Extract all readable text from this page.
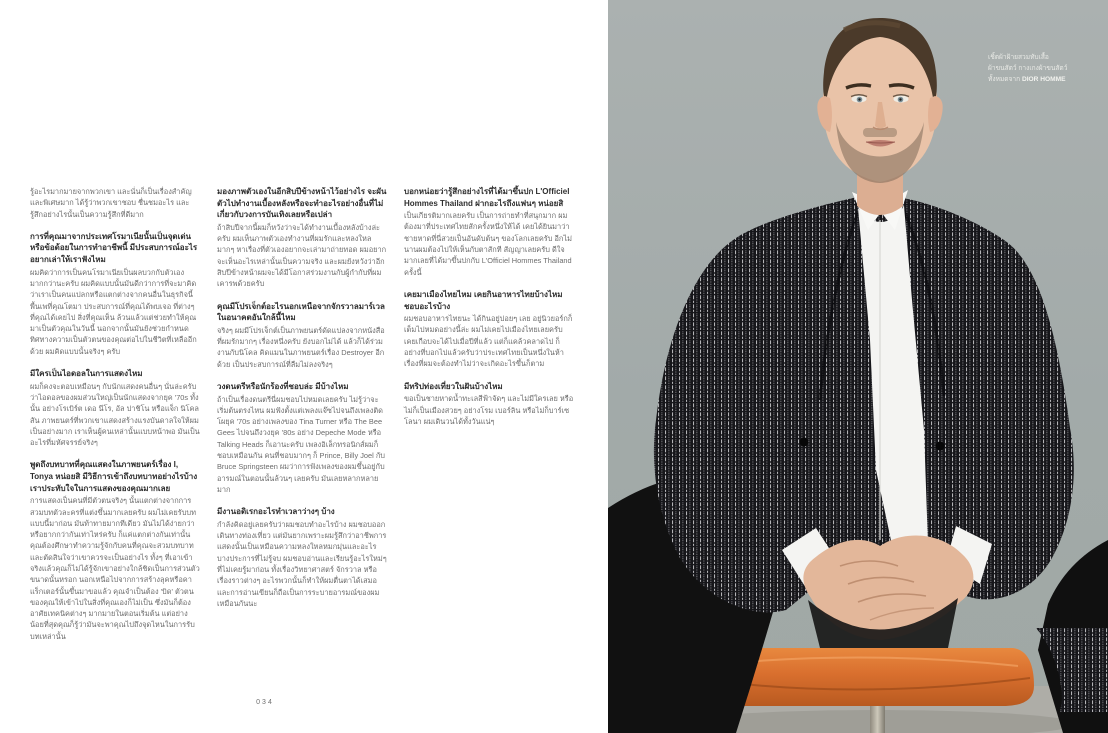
รู้อะไรมากมายจากพวกเขา และนั่นก็เป็นเรื่องสำคัญและพิเศษมาก ได้รู้ว่าพวกเขาชอบ ชื่นชมอะไร และรู้สึกอย่างไรนั้นเป็นความรู้สึกที่ดีมาก

การที่คุณมาจากประเทศโรมาเนียนั้นเป็นจุดเด่นหรือข้อด้อยในการทำอาชีพนี้ มีประสบการณ์อะไรอยากเล่าให้เราฟังไหม
ผมคิดว่าการเป็นคนโรมาเนียเป็นผลบวกกับตัวเองมากกว่านะครับ ผมคิดแบบนั้นมันดีกว่าการที่จะมาคิดว่าเราเป็นคนแปลกหรือแตกต่างจากคนอื่นในธุรกิจนี้ พื้นเพที่คุณโตมา ประสบการณ์ที่คุณได้พบเจอ ที่ต่างๆ ที่คุณได้เคยไป สิ่งที่คุณเห็น ล้วนแล้วแต่ช่วยทำให้คุณมาเป็นตัวคุณในวันนี้ นอกจากนั้นมันยังช่วยกำหนดทิศทางความเป็นตัวตนของคุณต่อไปในชีวิตที่เหลืออีกด้วย ผมคิดแบบนั้นจริงๆ ครับ
มีใครเป็นไอดอลในการแสดงไหม
ผมก็คงจะตอบเหมือนๆ กับนักแสดงคนอื่นๆ นั่นล่ะครับว่าไอดอลของผมส่วนใหญ่เป็นนักแสดงจากยุค '70s ทั้งนั้น อย่างโรเบิร์ต เดอ นีโร, อัล ปาชิโน หรือแจ็ก นิโคลสัน ภาพยนตร์ที่พวกเขาแสดงสร้างแรงบันดาลใจให้ผมเป็นอย่างมาก เราเห็นผู้คนเหล่านั้นแบบหน้าพอ มันเป็นอะไรที่มหัศจรรย์จริงๆ
พูดถึงบทบาทที่คุณแสดงในภาพยนตร์เรื่อง I, Tonya หน่อยสิ มีวิธีการเข้าถึงบทบาทอย่างไรบ้าง เราประทับใจในการแสดงของคุณมากเลย
การแสดงเป็นคนที่มีตัวตนจริงๆ นั้นแตกต่างจากการสวมบทตัวละครที่แต่งขึ้นมากเลยครับ ผมไม่เคยรับบทแบบนี้มาก่อน มันท้าทายมากทีเดียว มันไม่ได้ง่ายกว่าหรือยากกว่ากันเท่าไหร่ครับ ก็แค่แตกต่างกันเท่านั้น คุณต้องศึกษาทำความรู้จักกับคนที่คุณจะสวมบทบาท และตัดสินใจว่าเขาควรจะเป็นอย่างไร ทั้งๆ ที่เอาเข้าจริงแล้วคุณก็ไม่ได้รู้จักเขาอย่างใกล้ชิดเป็นการส่วนตัวขนาดนั้นหรอก นอกเหนือไปจากการสร้างลุคหรือคาแร็กเตอร์นั้นขึ้นมาขอแล้ว คุณจำเป็นต้อง 'บิด' ตัวตนของคุณให้เข้าไปในสิ่งที่คุณเองก็ไม่เป็น ซึ่งมันก็ต้องอาศัยเทคนิคต่างๆ มากมายในตอนเริ่มต้น แต่อย่างน้อยที่สุดคุณก็รู้ว่ามันจะพาคุณไปถึงจุดไหนในการรับบทเหล่านั้น
มองภาพตัวเองในอีกสิบปีข้างหน้าไว้อย่างไร จะผันตัวไปทำงานเบื้องหลังหรือจะทำอะไรอย่างอื่นที่ไม่เกี่ยวกับวงการบันเทิงเลยหรือเปล่า
ถ้าสิบปีจากนี้ผมก็หวังว่าจะได้ทำงานเบื้องหลังบ้างล่ะครับ ผมเห็นภาพตัวเองทำงานที่ผมรักและหลงใหลมากๆ หาเรื่องที่ตัวเองอยากจะเล่ามาถ่ายทอด ผมอยากจะเห็นอะไรเหล่านั้นเป็นความจริง และผมยังหวังว่าอีกสิบปีข้างหน้าผมจะได้มีโอกาสร่วมงานกับผู้กำกับที่ผมเคารพด้วยครับ
คุณมีโปรเจ็กต์อะไรนอกเหนือจากจักรวาลมาร์เวลในอนาคตอันใกล้นี้ไหม
จริงๆ ผมมีโปรเจ็กต์เป็นภาพยนตร์ดัดแปลงจากหนังสือที่ผมรักมากๆ เรื่องหนึ่งครับ ยังบอกไม่ได้ แล้วก็ได้ร่วมงานกับนิโคล คิดแมนในภาพยนตร์เรื่อง Destroyer อีกด้วย เป็นประสบการณ์ที่ลืมไม่ลงจริงๆ
วงดนตรีหรือนักร้องที่ชอบล่ะ มีบ้างไหม
ถ้าเป็นเรื่องดนตรีนี่ผมชอบไปหมดเลยครับ ไม่รู้ว่าจะเริ่มต้นตรงไหน ผมฟังตั้งแต่เพลงแจ๊ซไปจนถึงเพลงติดโผยุค '70s อย่างเพลงของ Tina Turner หรือ The Bee Gees ไปจนถึงวงยุค '80s อย่าง Depeche Mode หรือ Talking Heads ก็เอานะครับ เพลงอิเล็กทรอนิกส์ผมก็ชอบเหมือนกัน คนที่ชอบมากๆ ก็ Prince, Billy Joel กับ Bruce Springsteen ผมว่าการฟังเพลงของผมขึ้นอยู่กับอารมณ์ในตอนนั้นล้วนๆ เลยครับ มันเลยหลากหลายมาก
มีงานอดิเรกอะไรทำเวลาว่างๆ บ้าง
กำลังคิดอยู่เลยครับว่าผมชอบทำอะไรบ้าง ผมชอบออกเดินทางท่องเที่ยว แต่มันยากเพราะผมรู้สึกว่าอาชีพการแสดงนั้นเป็นเหมือนความหลงใหลหมกมุ่นและอะไรบางประการที่ไม่รู้จบ ผมชอบอ่านและเรียนรู้อะไรใหม่ๆ ที่ไม่เคยรู้มาก่อน ทั้งเรื่องวิทยาศาสตร์ จักรวาล หรือเรื่องราวต่างๆ อะไรพวกนั้นก็ทำให้ผมตื่นตาได้เสมอ และการอ่านเขียนก็ถือเป็นการระบายอารมณ์ของผมเหมือนกันนะ
บอกหน่อยว่ารู้สึกอย่างไรที่ได้มาขึ้นปก L'Officiel Hommes Thailand ฝากอะไรถึงแฟนๆ หน่อยสิ
เป็นเกียรติมากเลยครับ เป็นการถ่ายทำที่สนุกมาก ผมต้องมาที่ประเทศไทยสักครั้งหนึ่งให้ได้ เคยได้ยินมาว่าชายหาดที่นี่สวยเป็นอันดับต้นๆ ของโลกเลยครับ อีกไม่นานผมต้องไปให้เห็นกับตาสักที สัญญาเลยครับ ดีใจมากเลยที่ได้มาขึ้นปกกับ L'Officiel Hommes Thailand ครั้งนี้
เคยมาเมืองไทยไหม เคยกินอาหารไทยบ้างไหม ชอบอะไรบ้าง
ผมชอบอาหารไทยนะ ได้กินอยู่บ่อยๆ เลย อยู่นิวยอร์กก็เต็มไปหมดอย่างนี้ล่ะ ผมไม่เคยไปเมืองไทยเลยครับ เคยเกือบจะได้ไปเมื่อปีที่แล้ว แต่ก็แคล้วคลาดไป ก็อย่างที่บอกไปแล้วครับว่าประเทศไทยเป็นหนึ่งในห้าเรื่องที่ผมจะต้องทำไม่ว่าจะเกิดอะไรขึ้นก็ตาม
มีทริปท่องเที่ยวในฝันบ้างไหม
ขอเป็นชายหาดน้ำทะเลสีฟ้าจัดๆ และไม่มีใครเลย หรือไม่ก็เป็นเมืองสวยๆ อย่างโรม เบอร์ลิน หรือไม่ก็บาร์เซโลนา ผมเดินวนได้ทั้งวันแน่ๆ
034
เชิ้ตผ้าฝ้ายสวมทับเสื้อ
ผ้าขนสัตว์ กางเกงผ้าขนสัตว์
ทั้งหมดจาก DIOR HOMME
